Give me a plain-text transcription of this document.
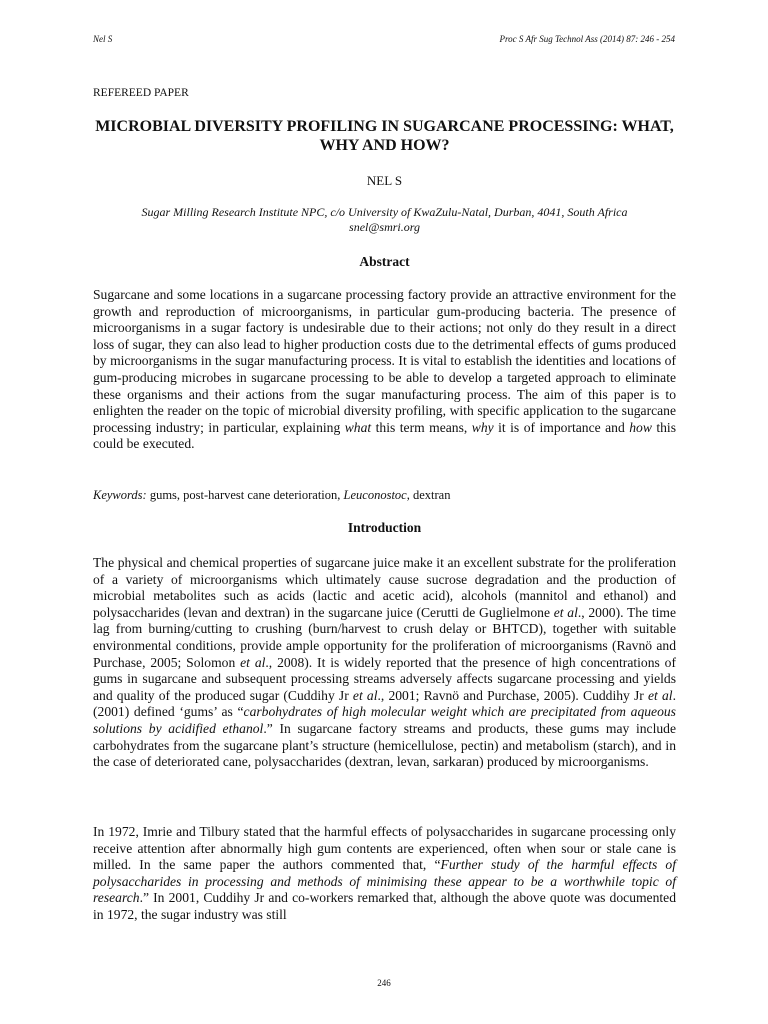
Nel S	Proc S Afr Sug Technol Ass (2014) 87: 246 - 254
REFEREED PAPER
MICROBIAL DIVERSITY PROFILING IN SUGARCANE PROCESSING: WHAT, WHY AND HOW?
NEL S
Sugar Milling Research Institute NPC, c/o University of KwaZulu-Natal, Durban, 4041, South Africa
snel@smri.org
Abstract

Sugarcane and some locations in a sugarcane processing factory provide an attractive environment for the growth and reproduction of microorganisms, in particular gum-producing bacteria. The presence of microorganisms in a sugar factory is undesirable due to their actions; not only do they result in a direct loss of sugar, they can also lead to higher production costs due to the detrimental effects of gums produced by microorganisms in the sugar manufacturing process. It is vital to establish the identities and locations of gum-producing microbes in sugarcane processing to be able to develop a targeted approach to eliminate these organisms and their actions from the sugar manufacturing process. The aim of this paper is to enlighten the reader on the topic of microbial diversity profiling, with specific application to the sugarcane processing industry; in particular, explaining what this term means, why it is of importance and how this could be executed.

Keywords: gums, post-harvest cane deterioration, Leuconostoc, dextran

Introduction

The physical and chemical properties of sugarcane juice make it an excellent substrate for the proliferation of a variety of microorganisms which ultimately cause sucrose degradation and the production of microbial metabolites such as acids (lactic and acetic acid), alcohols (mannitol and ethanol) and polysaccharides (levan and dextran) in the sugarcane juice (Cerutti de Guglielmone et al., 2000). The time lag from burning/cutting to crushing (burn/harvest to crush delay or BHTCD), together with suitable environmental conditions, provide ample opportunity for the proliferation of microorganisms (Ravnö and Purchase, 2005; Solomon et al., 2008). It is widely reported that the presence of high concentrations of gums in sugarcane and subsequent processing streams adversely affects sugarcane processing and yields and quality of the produced sugar (Cuddihy Jr et al., 2001; Ravnö and Purchase, 2005). Cuddihy Jr et al. (2001) defined ‘gums’ as “carbohydrates of high molecular weight which are precipitated from aqueous solutions by acidified ethanol.” In sugarcane factory streams and products, these gums may include carbohydrates from the sugarcane plant’s structure (hemicellulose, pectin) and metabolism (starch), and in the case of deteriorated cane, polysaccharides (dextran, levan, sarkaran) produced by microorganisms.

In 1972, Imrie and Tilbury stated that the harmful effects of polysaccharides in sugarcane processing only receive attention after abnormally high gum contents are experienced, often when sour or stale cane is milled. In the same paper the authors commented that, “Further study of the harmful effects of polysaccharides in processing and methods of minimising these appear to be a worthwhile topic of research.” In 2001, Cuddihy Jr and co-workers remarked that, although the above quote was documented in 1972, the sugar industry was still

246
